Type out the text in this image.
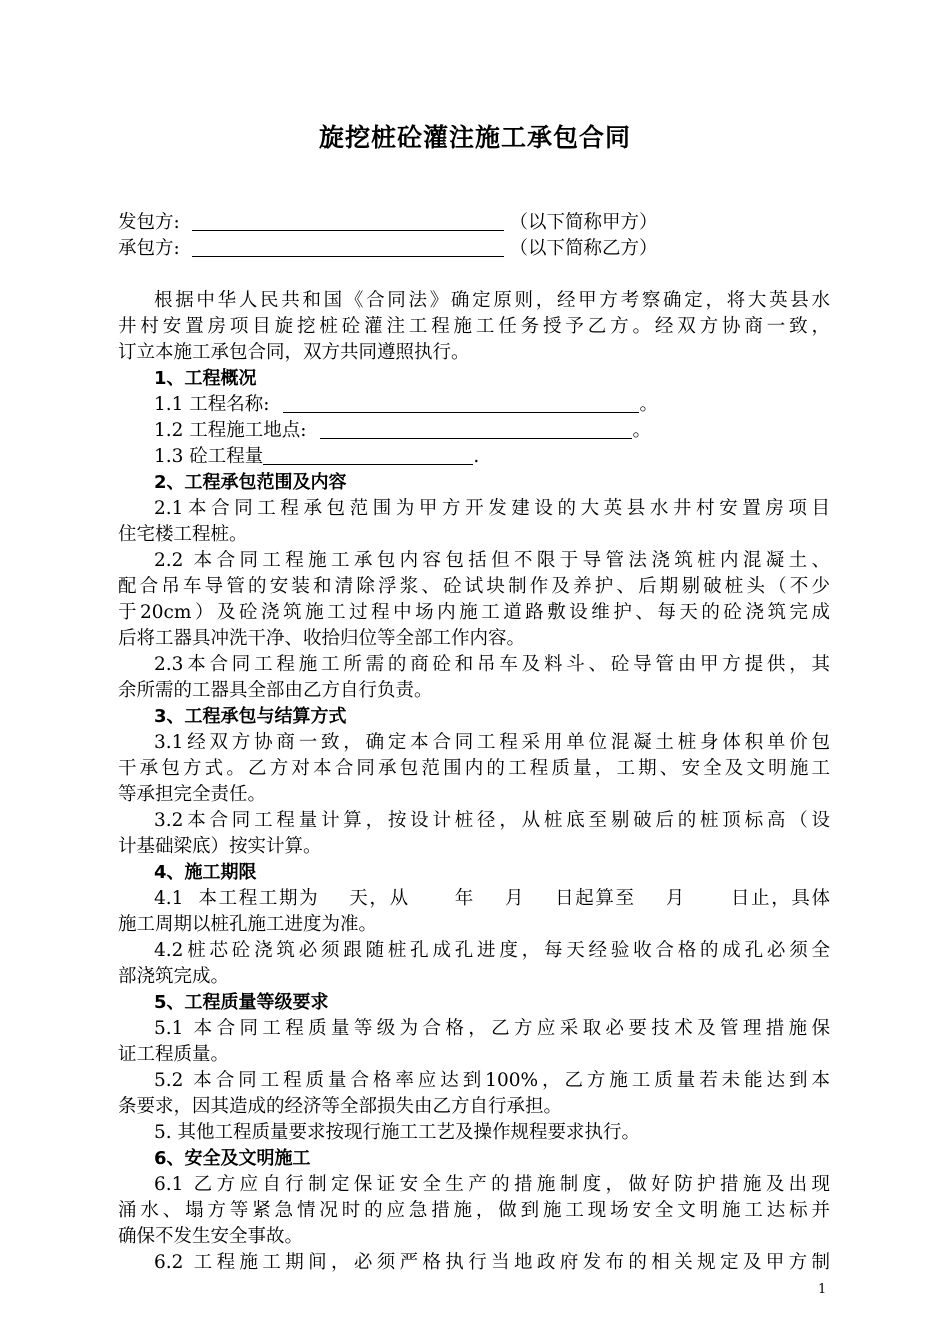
旋挖桩砼灌注施工承包合同
发包方:	（以下简称甲方）
承包方:	（以下简称乙方）
根据中华人民共和国《合同法》确定原则，经甲方考察确定，将大英县水
井村安置房项目旋挖桩砼灌注工程施工任务授予乙方。经双方协商一致，
订立本施工承包合同，双方共同遵照执行。
1、工程概况
1.1 工程名称:	。
1.2 工程施工地点:	。
1.3 砼工程量	.
2、工程承包范围及内容
2.1本合同工程承包范围为甲方开发建设的大英县水井村安置房项目
住宅楼工程桩。
2.2 本合同工程施工承包内容包括但不限于导管法浇筑桩内混凝土、
配合吊车导管的安装和清除浮浆、砼试块制作及养护、后期剔破桩头（不少
于20cm）及砼浇筑施工过程中场内施工道路敷设维护、每天的砼浇筑完成
后将工器具冲洗干净、收拾归位等全部工作内容。
2.3本合同工程施工所需的商砼和吊车及料斗、砼导管由甲方提供，其
余所需的工器具全部由乙方自行负责。
3、工程承包与结算方式
3.1经双方协商一致，确定本合同工程采用单位混凝土桩身体积单价包
干承包方式。乙方对本合同承包范围内的工程质量，工期、安全及文明施工
等承担完全责任。
3.2本合同工程量计算，按设计桩径，从桩底至剔破后的桩顶标高（设
计基础梁底）按实计算。
4、施工期限
4.1  本工程工期为    天，从      年    月    日起算至    月      日止，具体
施工周期以桩孔施工进度为准。
4.2桩芯砼浇筑必须跟随桩孔成孔进度，每天经验收合格的成孔必须全
部浇筑完成。
5、工程质量等级要求
5.1 本合同工程质量等级为合格，乙方应采取必要技术及管理措施保
证工程质量。
5.2 本合同工程质量合格率应达到100%，乙方施工质量若未能达到本
条要求，因其造成的经济等全部损失由乙方自行承担。
5. 其他工程质量要求按现行施工工艺及操作规程要求执行。
6、安全及文明施工
6.1 乙方应自行制定保证安全生产的措施制度，做好防护措施及出现
涌水、塌方等紧急情况时的应急措施，做到施工现场安全文明施工达标并
确保不发生安全事故。
6.2 工程施工期间，必须严格执行当地政府发布的相关规定及甲方制
1
